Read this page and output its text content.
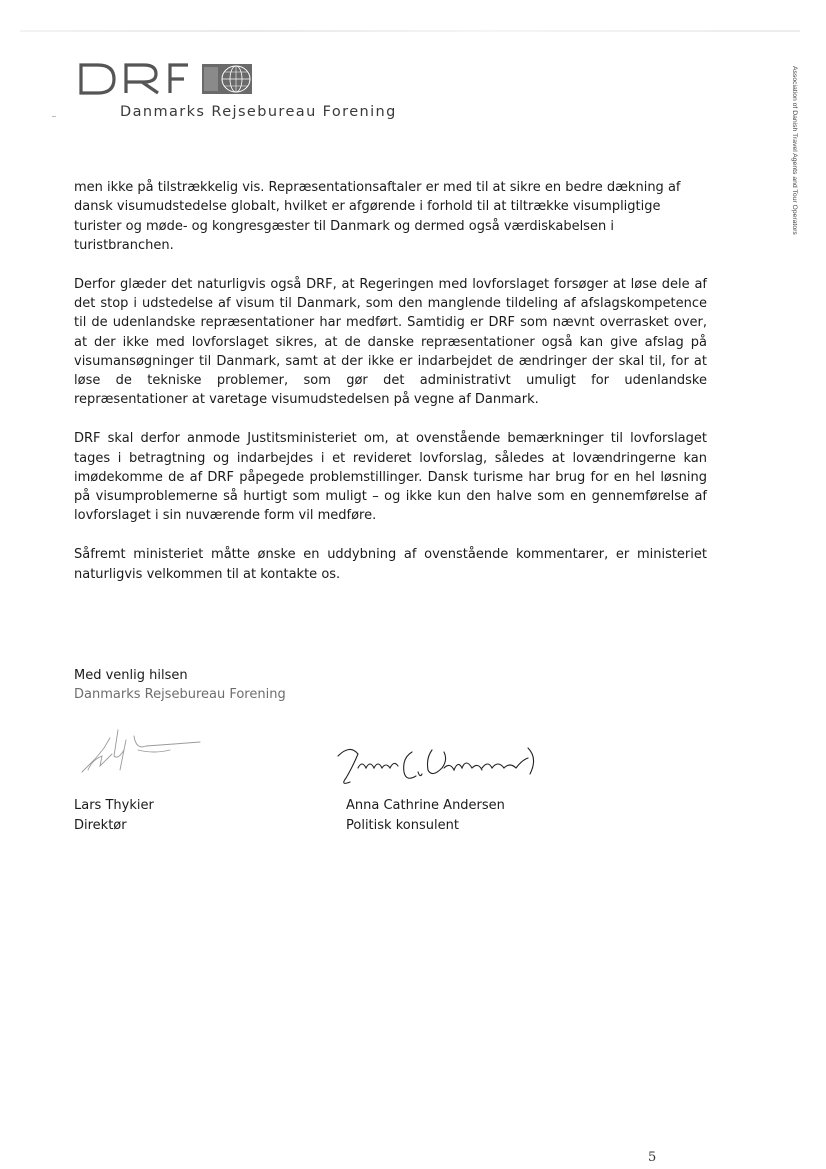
Danmarks Rejsebureau Forening	Association of Danish Travel Agents and Tour Operators

men ikke på tilstrækkelig vis. Repræsentationsaftaler er med til at sikre en bedre dækning af dansk visumudstedelse globalt, hvilket er afgørende i forhold til at tiltrække visumpligtige turister og møde- og kongresgæster til Danmark og dermed også værdiskabelsen i turistbranchen.

Derfor glæder det naturligvis også DRF, at Regeringen med lovforslaget forsøger at løse dele af det stop i udstedelse af visum til Danmark, som den manglende tildeling af afslagskompetence til de udenlandske repræsentationer har medført. Samtidig er DRF som nævnt overrasket over, at der ikke med lovforslaget sikres, at de danske repræsentationer også kan give afslag på visumansøgninger til Danmark, samt at der ikke er indarbejdet de ændringer der skal til, for at løse de tekniske problemer, som gør det administrativt umuligt for udenlandske repræsentationer at varetage visumudstedelsen på vegne af Danmark.

DRF skal derfor anmode Justitsministeriet om, at ovenstående bemærkninger til lovforslaget tages i betragtning og indarbejdes i et revideret lovforslag, således at lovændringerne kan imødekomme de af DRF påpegede problemstillinger. Dansk turisme har brug for en hel løsning på visumproblemerne så hurtigt som muligt – og ikke kun den halve som en gennemførelse af lovforslaget i sin nuværende form vil medføre.

Såfremt ministeriet måtte ønske en uddybning af ovenstående kommentarer, er ministeriet naturligvis velkommen til at kontakte os.

Med venlig hilsen
Danmarks Rejsebureau Forening
Lars Thykier
Direktør
Anna Cathrine Andersen
Politisk konsulent
5
